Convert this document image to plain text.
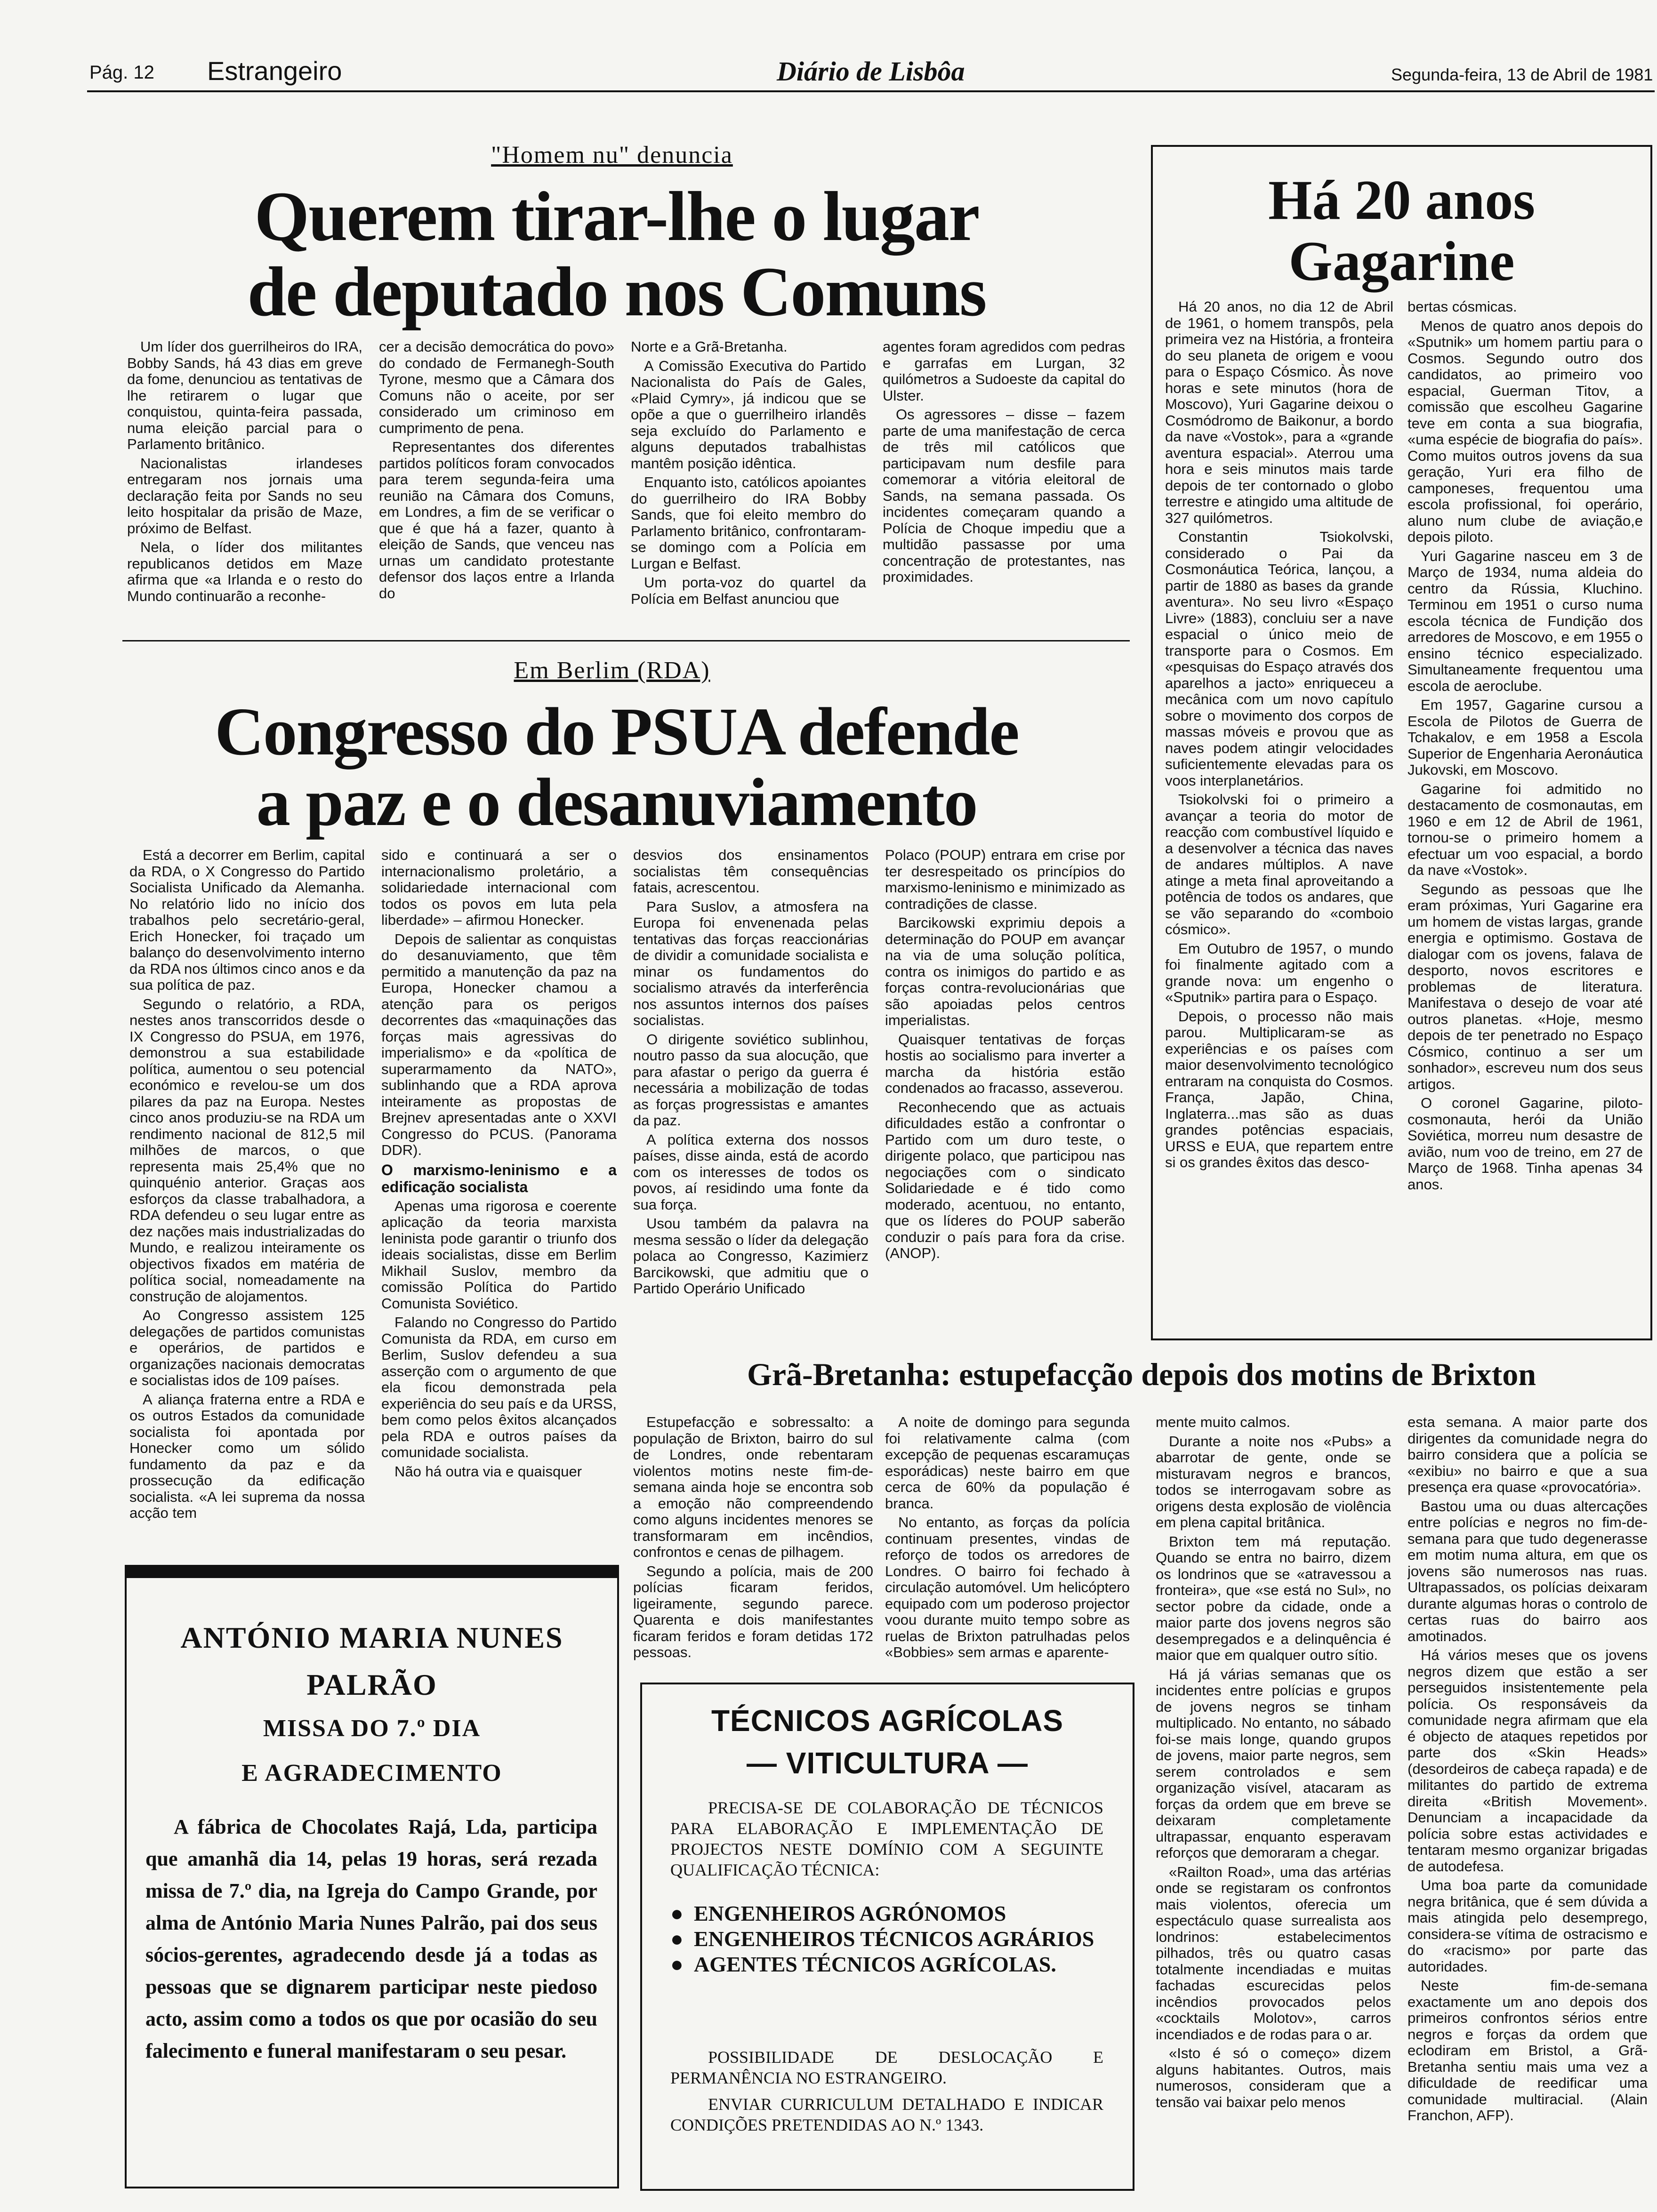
Pág. 12 Estrangeiro	Diário de Lisbôa	Segunda-feira, 13 de Abril de 1981
"Homem nu" denuncia
Querem tirar-lhe o lugar
de deputado nos Comuns

Um líder dos guerrilheiros do IRA, Bobby Sands, há 43 dias em greve da fome, denunciou as tentativas de lhe retirarem o lugar que conquistou, quinta-feira passada, numa eleição parcial para o Parlamento britânico.

Nacionalistas irlandeses entregaram nos jornais uma declaração feita por Sands no seu leito hospitalar da prisão de Maze, próximo de Belfast.

Nela, o líder dos militantes republicanos detidos em Maze afirma que «a Irlanda e o resto do Mundo continuarão a reconhe-

cer a decisão democrática do povo» do condado de Fermanegh-South Tyrone, mesmo que a Câmara dos Comuns não o aceite, por ser considerado um criminoso em cumprimento de pena.

Representantes dos diferentes partidos políticos foram convocados para terem segunda-feira uma reunião na Câmara dos Comuns, em Londres, a fim de se verificar o que é que há a fazer, quanto à eleição de Sands, que venceu nas urnas um candidato protestante defensor dos laços entre a Irlanda do

Norte e a Grã-Bretanha.

A Comissão Executiva do Partido Nacionalista do País de Gales, «Plaid Cymry», já indicou que se opõe a que o guerrilheiro irlandês seja excluído do Parlamento e alguns deputados trabalhistas mantêm posição idêntica.

Enquanto isto, católicos apoiantes do guerrilheiro do IRA Bobby Sands, que foi eleito membro do Parlamento britânico, confrontaram-se domingo com a Polícia em Lurgan e Belfast.

Um porta-voz do quartel da Polícia em Belfast anunciou que

agentes foram agredidos com pedras e garrafas em Lurgan, 32 quilómetros a Sudoeste da capital do Ulster.

Os agressores – disse – fazem parte de uma manifestação de cerca de três mil católicos que participavam num desfile para comemorar a vitória eleitoral de Sands, na semana passada. Os incidentes começaram quando a Polícia de Choque impediu que a multidão passasse por uma concentração de protestantes, nas proximidades.

Em Berlim (RDA)
Congresso do PSUA defende
a paz e o desanuviamento

Está a decorrer em Berlim, capital da RDA, o X Congresso do Partido Socialista Unificado da Alemanha. No relatório lido no início dos trabalhos pelo secretário-geral, Erich Honecker, foi traçado um balanço do desenvolvimento interno da RDA nos últimos cinco anos e da sua política de paz.

Segundo o relatório, a RDA, nestes anos transcorridos desde o IX Congresso do PSUA, em 1976, demonstrou a sua estabilidade política, aumentou o seu potencial económico e revelou-se um dos pilares da paz na Europa. Nestes cinco anos produziu-se na RDA um rendimento nacional de 812,5 mil milhões de marcos, o que representa mais 25,4% que no quinquénio anterior. Graças aos esforços da classe trabalhadora, a RDA defendeu o seu lugar entre as dez nações mais industrializadas do Mundo, e realizou inteiramente os objectivos fixados em matéria de política social, nomeadamente na construção de alojamentos.

Ao Congresso assistem 125 delegações de partidos comunistas e operários, de partidos e organizações nacionais democratas e socialistas idos de 109 países.

A aliança fraterna entre a RDA e os outros Estados da comunidade socialista foi apontada por Honecker como um sólido fundamento da paz e da prossecução da edificação socialista. «A lei suprema da nossa acção tem

sido e continuará a ser o internacionalismo proletário, a solidariedade internacional com todos os povos em luta pela liberdade» – afirmou Honecker.

Depois de salientar as conquistas do desanuviamento, que têm permitido a manutenção da paz na Europa, Honecker chamou a atenção para os perigos decorrentes das «maquinações das forças mais agressivas do imperialismo» e da «política de superarmamento da NATO», sublinhando que a RDA aprova inteiramente as propostas de Brejnev apresentadas ante o XXVI Congresso do PCUS. (Panorama DDR).

O marxismo-leninismo e a edificação socialista

Apenas uma rigorosa e coerente aplicação da teoria marxista leninista pode garantir o triunfo dos ideais socialistas, disse em Berlim Mikhail Suslov, membro da comissão Política do Partido Comunista Soviético.

Falando no Congresso do Partido Comunista da RDA, em curso em Berlim, Suslov defendeu a sua asserção com o argumento de que ela ficou demonstrada pela experiência do seu país e da URSS, bem como pelos êxitos alcançados pela RDA e outros países da comunidade socialista.

Não há outra via e quaisquer

desvios dos ensinamentos socialistas têm consequências fatais, acrescentou.

Para Suslov, a atmosfera na Europa foi envenenada pelas tentativas das forças reaccionárias de dividir a comunidade socialista e minar os fundamentos do socialismo através da interferência nos assuntos internos dos países socialistas.

O dirigente soviético sublinhou, noutro passo da sua alocução, que para afastar o perigo da guerra é necessária a mobilização de todas as forças progressistas e amantes da paz.

A política externa dos nossos países, disse ainda, está de acordo com os interesses de todos os povos, aí residindo uma fonte da sua força.

Usou também da palavra na mesma sessão o líder da delegação polaca ao Congresso, Kazimierz Barcikowski, que admitiu que o Partido Operário Unificado

Polaco (POUP) entrara em crise por ter desrespeitado os princípios do marxismo-leninismo e minimizado as contradições de classe.

Barcikowski exprimiu depois a determinação do POUP em avançar na via de uma solução política, contra os inimigos do partido e as forças contra-revolucionárias que são apoiadas pelos centros imperialistas.

Quaisquer tentativas de forças hostis ao socialismo para inverter a marcha da história estão condenados ao fracasso, asseverou.

Reconhecendo que as actuais dificuldades estão a confrontar o Partido com um duro teste, o dirigente polaco, que participou nas negociações com o sindicato Solidariedade e é tido como moderado, acentuou, no entanto, que os líderes do POUP saberão conduzir o país para fora da crise. (ANOP).

Há 20 anos
Gagarine

Há 20 anos, no dia 12 de Abril de 1961, o homem transpôs, pela primeira vez na História, a fronteira do seu planeta de origem e voou para o Espaço Cósmico. Às nove horas e sete minutos (hora de Moscovo), Yuri Gagarine deixou o Cosmódromo de Baikonur, a bordo da nave «Vostok», para a «grande aventura espacial». Aterrou uma hora e seis minutos mais tarde depois de ter contornado o globo terrestre e atingido uma altitude de 327 quilómetros.

Constantin Tsiokolvski, considerado o Pai da Cosmonáutica Teórica, lançou, a partir de 1880 as bases da grande aventura». No seu livro «Espaço Livre» (1883), concluiu ser a nave espacial o único meio de transporte para o Cosmos. Em «pesquisas do Espaço através dos aparelhos a jacto» enriqueceu a mecânica com um novo capítulo sobre o movimento dos corpos de massas móveis e provou que as naves podem atingir velocidades suficientemente elevadas para os voos interplanetários.

Tsiokolvski foi o primeiro a avançar a teoria do motor de reacção com combustível líquido e a desenvolver a técnica das naves de andares múltiplos. A nave atinge a meta final aproveitando a potência de todos os andares, que se vão separando do «comboio cósmico».

Em Outubro de 1957, o mundo foi finalmente agitado com a grande nova: um engenho o «Sputnik» partira para o Espaço.

Depois, o processo não mais parou. Multiplicaram-se as experiências e os países com maior desenvolvimento tecnológico entraram na conquista do Cosmos. França, Japão, China, Inglaterra...mas são as duas grandes potências espaciais, URSS e EUA, que repartem entre si os grandes êxitos das desco-

bertas cósmicas.

Menos de quatro anos depois do «Sputnik» um homem partiu para o Cosmos. Segundo outro dos candidatos, ao primeiro voo espacial, Guerman Titov, a comissão que escolheu Gagarine teve em conta a sua biografia, «uma espécie de biografia do país». Como muitos outros jovens da sua geração, Yuri era filho de camponeses, frequentou uma escola profissional, foi operário, aluno num clube de aviação,e depois piloto.

Yuri Gagarine nasceu em 3 de Março de 1934, numa aldeia do centro da Rússia, Kluchino. Terminou em 1951 o curso numa escola técnica de Fundição dos arredores de Moscovo, e em 1955 o ensino técnico especializado. Simultaneamente frequentou uma escola de aeroclube.

Em 1957, Gagarine cursou a Escola de Pilotos de Guerra de Tchakalov, e em 1958 a Escola Superior de Engenharia Aeronáutica Jukovski, em Moscovo.

Gagarine foi admitido no destacamento de cosmonautas, em 1960 e em 12 de Abril de 1961, tornou-se o primeiro homem a efectuar um voo espacial, a bordo da nave «Vostok».

Segundo as pessoas que lhe eram próximas, Yuri Gagarine era um homem de vistas largas, grande energia e optimismo. Gostava de dialogar com os jovens, falava de desporto, novos escritores e problemas de literatura. Manifestava o desejo de voar até outros planetas. «Hoje, mesmo depois de ter penetrado no Espaço Cósmico, continuo a ser um sonhador», escreveu num dos seus artigos.

O coronel Gagarine, piloto-cosmonauta, herói da União Soviética, morreu num desastre de avião, num voo de treino, em 27 de Março de 1968. Tinha apenas 34 anos.

Grã-Bretanha: estupefacção depois dos motins de Brixton

Estupefacção e sobressalto: a população de Brixton, bairro do sul de Londres, onde rebentaram violentos motins neste fim-de-semana ainda hoje se encontra sob a emoção não compreendendo como alguns incidentes menores se transformaram em incêndios, confrontos e cenas de pilhagem.

Segundo a polícia, mais de 200 polícias ficaram feridos, ligeiramente, segundo parece. Quarenta e dois manifestantes ficaram feridos e foram detidas 172 pessoas.

A noite de domingo para segunda foi relativamente calma (com excepção de pequenas escaramuças esporádicas) neste bairro em que cerca de 60% da população é branca.

No entanto, as forças da polícia continuam presentes, vindas de reforço de todos os arredores de Londres. O bairro foi fechado à circulação automóvel. Um helicóptero equipado com um poderoso projector voou durante muito tempo sobre as ruelas de Brixton patrulhadas pelos «Bobbies» sem armas e aparente-

mente muito calmos.

Durante a noite nos «Pubs» a abarrotar de gente, onde se misturavam negros e brancos, todos se interrogavam sobre as origens desta explosão de violência em plena capital britânica.

Brixton tem má reputação. Quando se entra no bairro, dizem os londrinos que se «atravessou a fronteira», que «se está no Sul», no sector pobre da cidade, onde a maior parte dos jovens negros são desempregados e a delinquência é maior que em qualquer outro sítio.

Há já várias semanas que os incidentes entre polícias e grupos de jovens negros se tinham multiplicado. No entanto, no sábado foi-se mais longe, quando grupos de jovens, maior parte negros, sem serem controlados e sem organização visível, atacaram as forças da ordem que em breve se deixaram completamente ultrapassar, enquanto esperavam reforços que demoraram a chegar.

«Railton Road», uma das artérias onde se registaram os confrontos mais violentos, oferecia um espectáculo quase surrealista aos londrinos: estabelecimentos pilhados, três ou quatro casas totalmente incendiadas e muitas fachadas escurecidas pelos incêndios provocados pelos «cocktails Molotov», carros incendiados e de rodas para o ar.

«Isto é só o começo» dizem alguns habitantes. Outros, mais numerosos, consideram que a tensão vai baixar pelo menos

esta semana. A maior parte dos dirigentes da comunidade negra do bairro considera que a polícia se «exibiu» no bairro e que a sua presença era quase «provocatória».

Bastou uma ou duas altercações entre polícias e negros no fim-de-semana para que tudo degenerasse em motim numa altura, em que os jovens são numerosos nas ruas. Ultrapassados, os polícias deixaram durante algumas horas o controlo de certas ruas do bairro aos amotinados.

Há vários meses que os jovens negros dizem que estão a ser perseguidos insistentemente pela polícia. Os responsáveis da comunidade negra afirmam que ela é objecto de ataques repetidos por parte dos «Skin Heads» (desordeiros de cabeça rapada) e de militantes do partido de extrema direita «British Movement». Denunciam a incapacidade da polícia sobre estas actividades e tentaram mesmo organizar brigadas de autodefesa.

Uma boa parte da comunidade negra britânica, que é sem dúvida a mais atingida pelo desemprego, considera-se vítima de ostracismo e do «racismo» por parte das autoridades.

Neste fim-de-semana exactamente um ano depois dos primeiros confrontos sérios entre negros e forças da ordem que eclodiram em Bristol, a Grã-Bretanha sentiu mais uma vez a dificuldade de reedificar uma comunidade multiracial. (Alain Franchon, AFP).

ANTÓNIO MARIA NUNES
PALRÃO
MISSA DO 7.º DIA
E AGRADECIMENTO
A fábrica de Chocolates Rajá, Lda, participa que amanhã dia 14, pelas 19 horas, será rezada missa de 7.º dia, na Igreja do Campo Grande, por alma de António Maria Nunes Palrão, pai dos seus sócios-gerentes, agradecendo desde já a todas as pessoas que se dignarem participar neste piedoso acto, assim como a todos os que por ocasião do seu falecimento e funeral manifestaram o seu pesar.
TÉCNICOS AGRÍCOLAS
— VITICULTURA —
PRECISA-SE DE COLABORAÇÃO DE TÉCNICOS PARA ELABORAÇÃO E IMPLEMENTAÇÃO DE PROJECTOS NESTE DOMÍNIO COM A SEGUINTE QUALIFICAÇÃO TÉCNICA:
● ENGENHEIROS AGRÓNOMOS
● ENGENHEIROS TÉCNICOS AGRÁRIOS
● AGENTES TÉCNICOS AGRÍCOLAS.
POSSIBILIDADE DE DESLOCAÇÃO E PERMANÊNCIA NO ESTRANGEIRO.
ENVIAR CURRICULUM DETALHADO E INDICAR CONDIÇÕES PRETENDIDAS AO N.º 1343.
